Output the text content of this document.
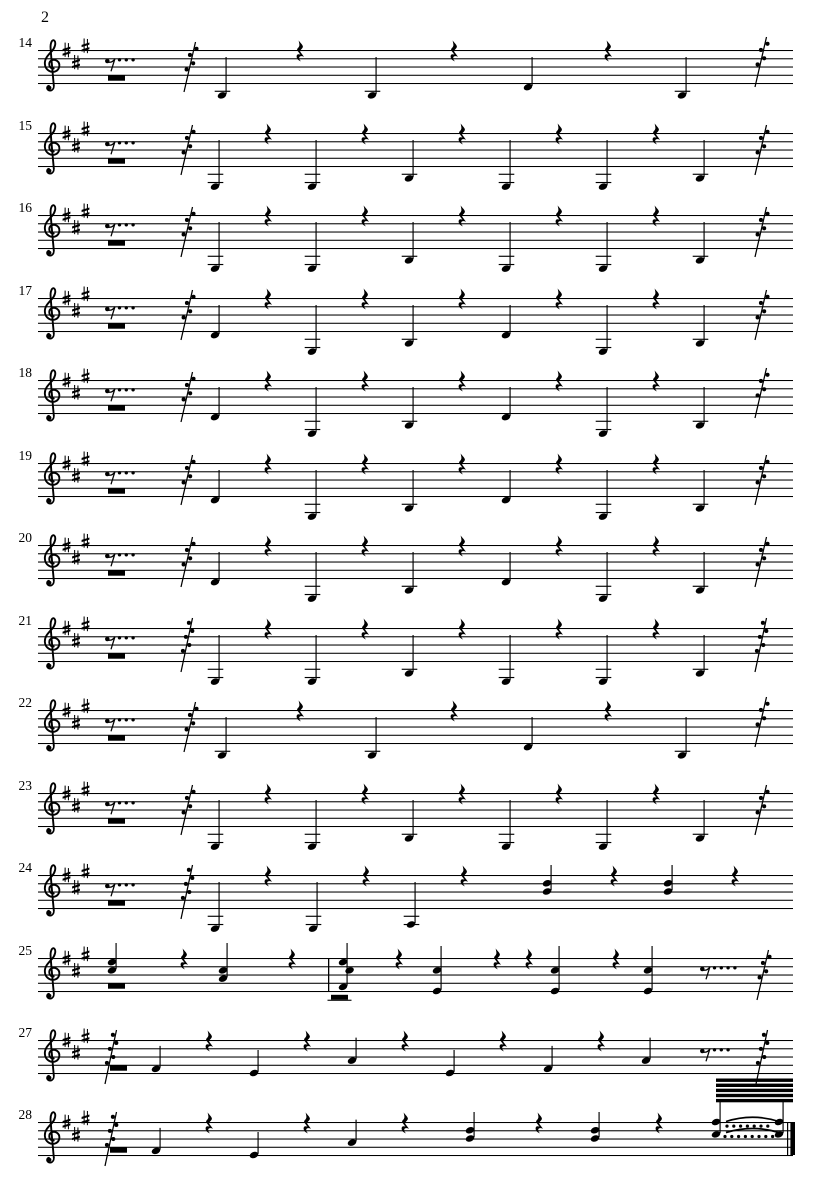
2
14
15
16
17
18
19
20
21
22
23
24
25
27
28
